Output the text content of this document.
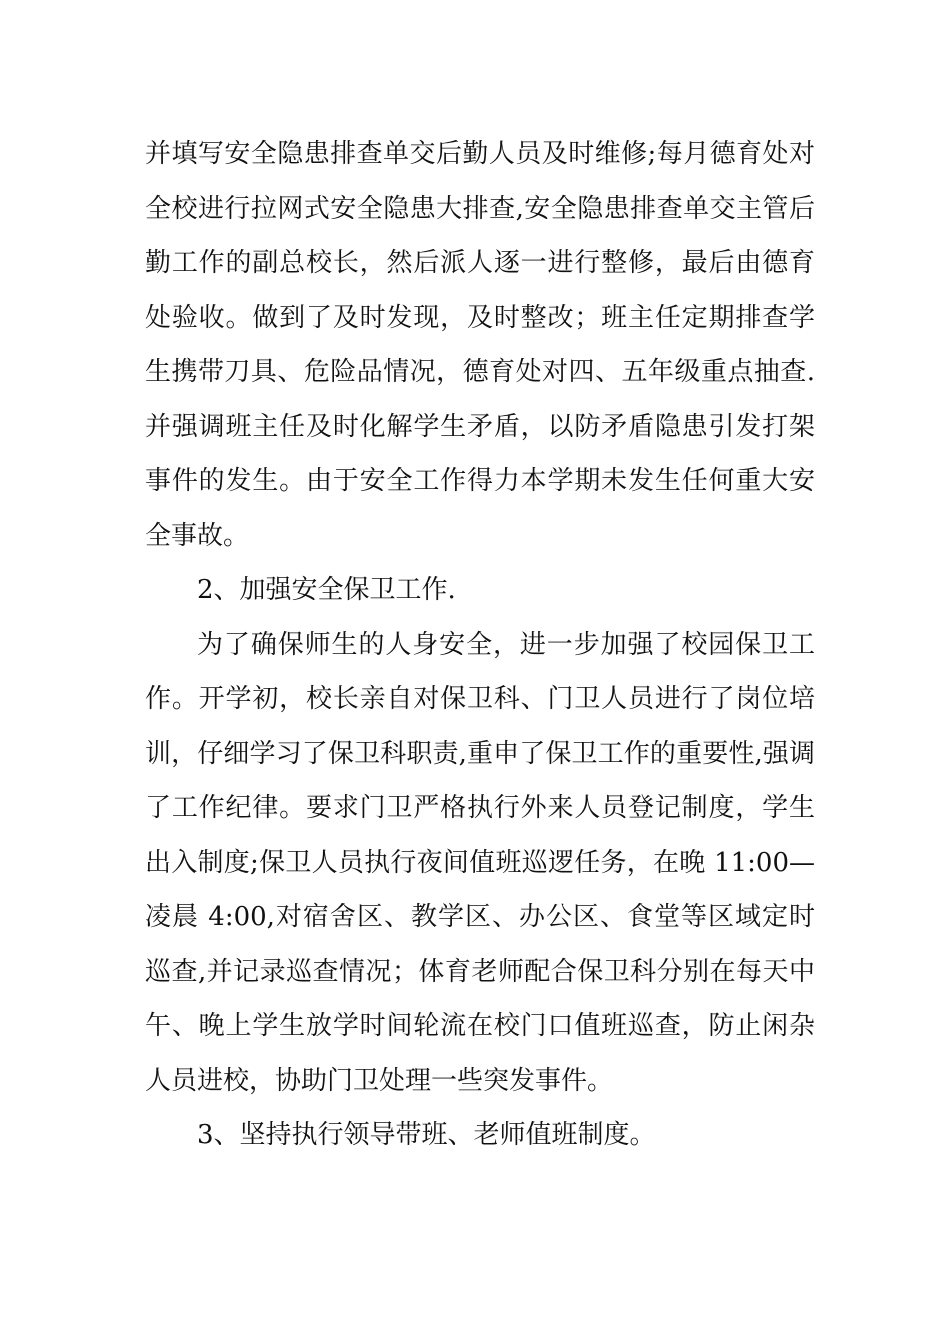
并填写安全隐患排查单交后勤人员及时维修;每月德育处对全校进行拉网式安全隐患大排查,安全隐患排查单交主管后勤工作的副总校长，然后派人逐一进行整修，最后由德育处验收。做到了及时发现，及时整改；班主任定期排查学生携带刀具、危险品情况，德育处对四、五年级重点抽查.并强调班主任及时化解学生矛盾，以防矛盾隐患引发打架事件的发生。由于安全工作得力本学期未发生任何重大安全事故。

2、加强安全保卫工作.

为了确保师生的人身安全，进一步加强了校园保卫工作。开学初，校长亲自对保卫科、门卫人员进行了岗位培训，仔细学习了保卫科职责,重申了保卫工作的重要性,强调了工作纪律。要求门卫严格执行外来人员登记制度，学生出入制度;保卫人员执行夜间值班巡逻任务，在晚 11:00—凌晨 4:00,对宿舍区、教学区、办公区、食堂等区域定时巡查,并记录巡查情况；体育老师配合保卫科分别在每天中午、晚上学生放学时间轮流在校门口值班巡查，防止闲杂人员进校，协助门卫处理一些突发事件。

3、坚持执行领导带班、老师值班制度。
